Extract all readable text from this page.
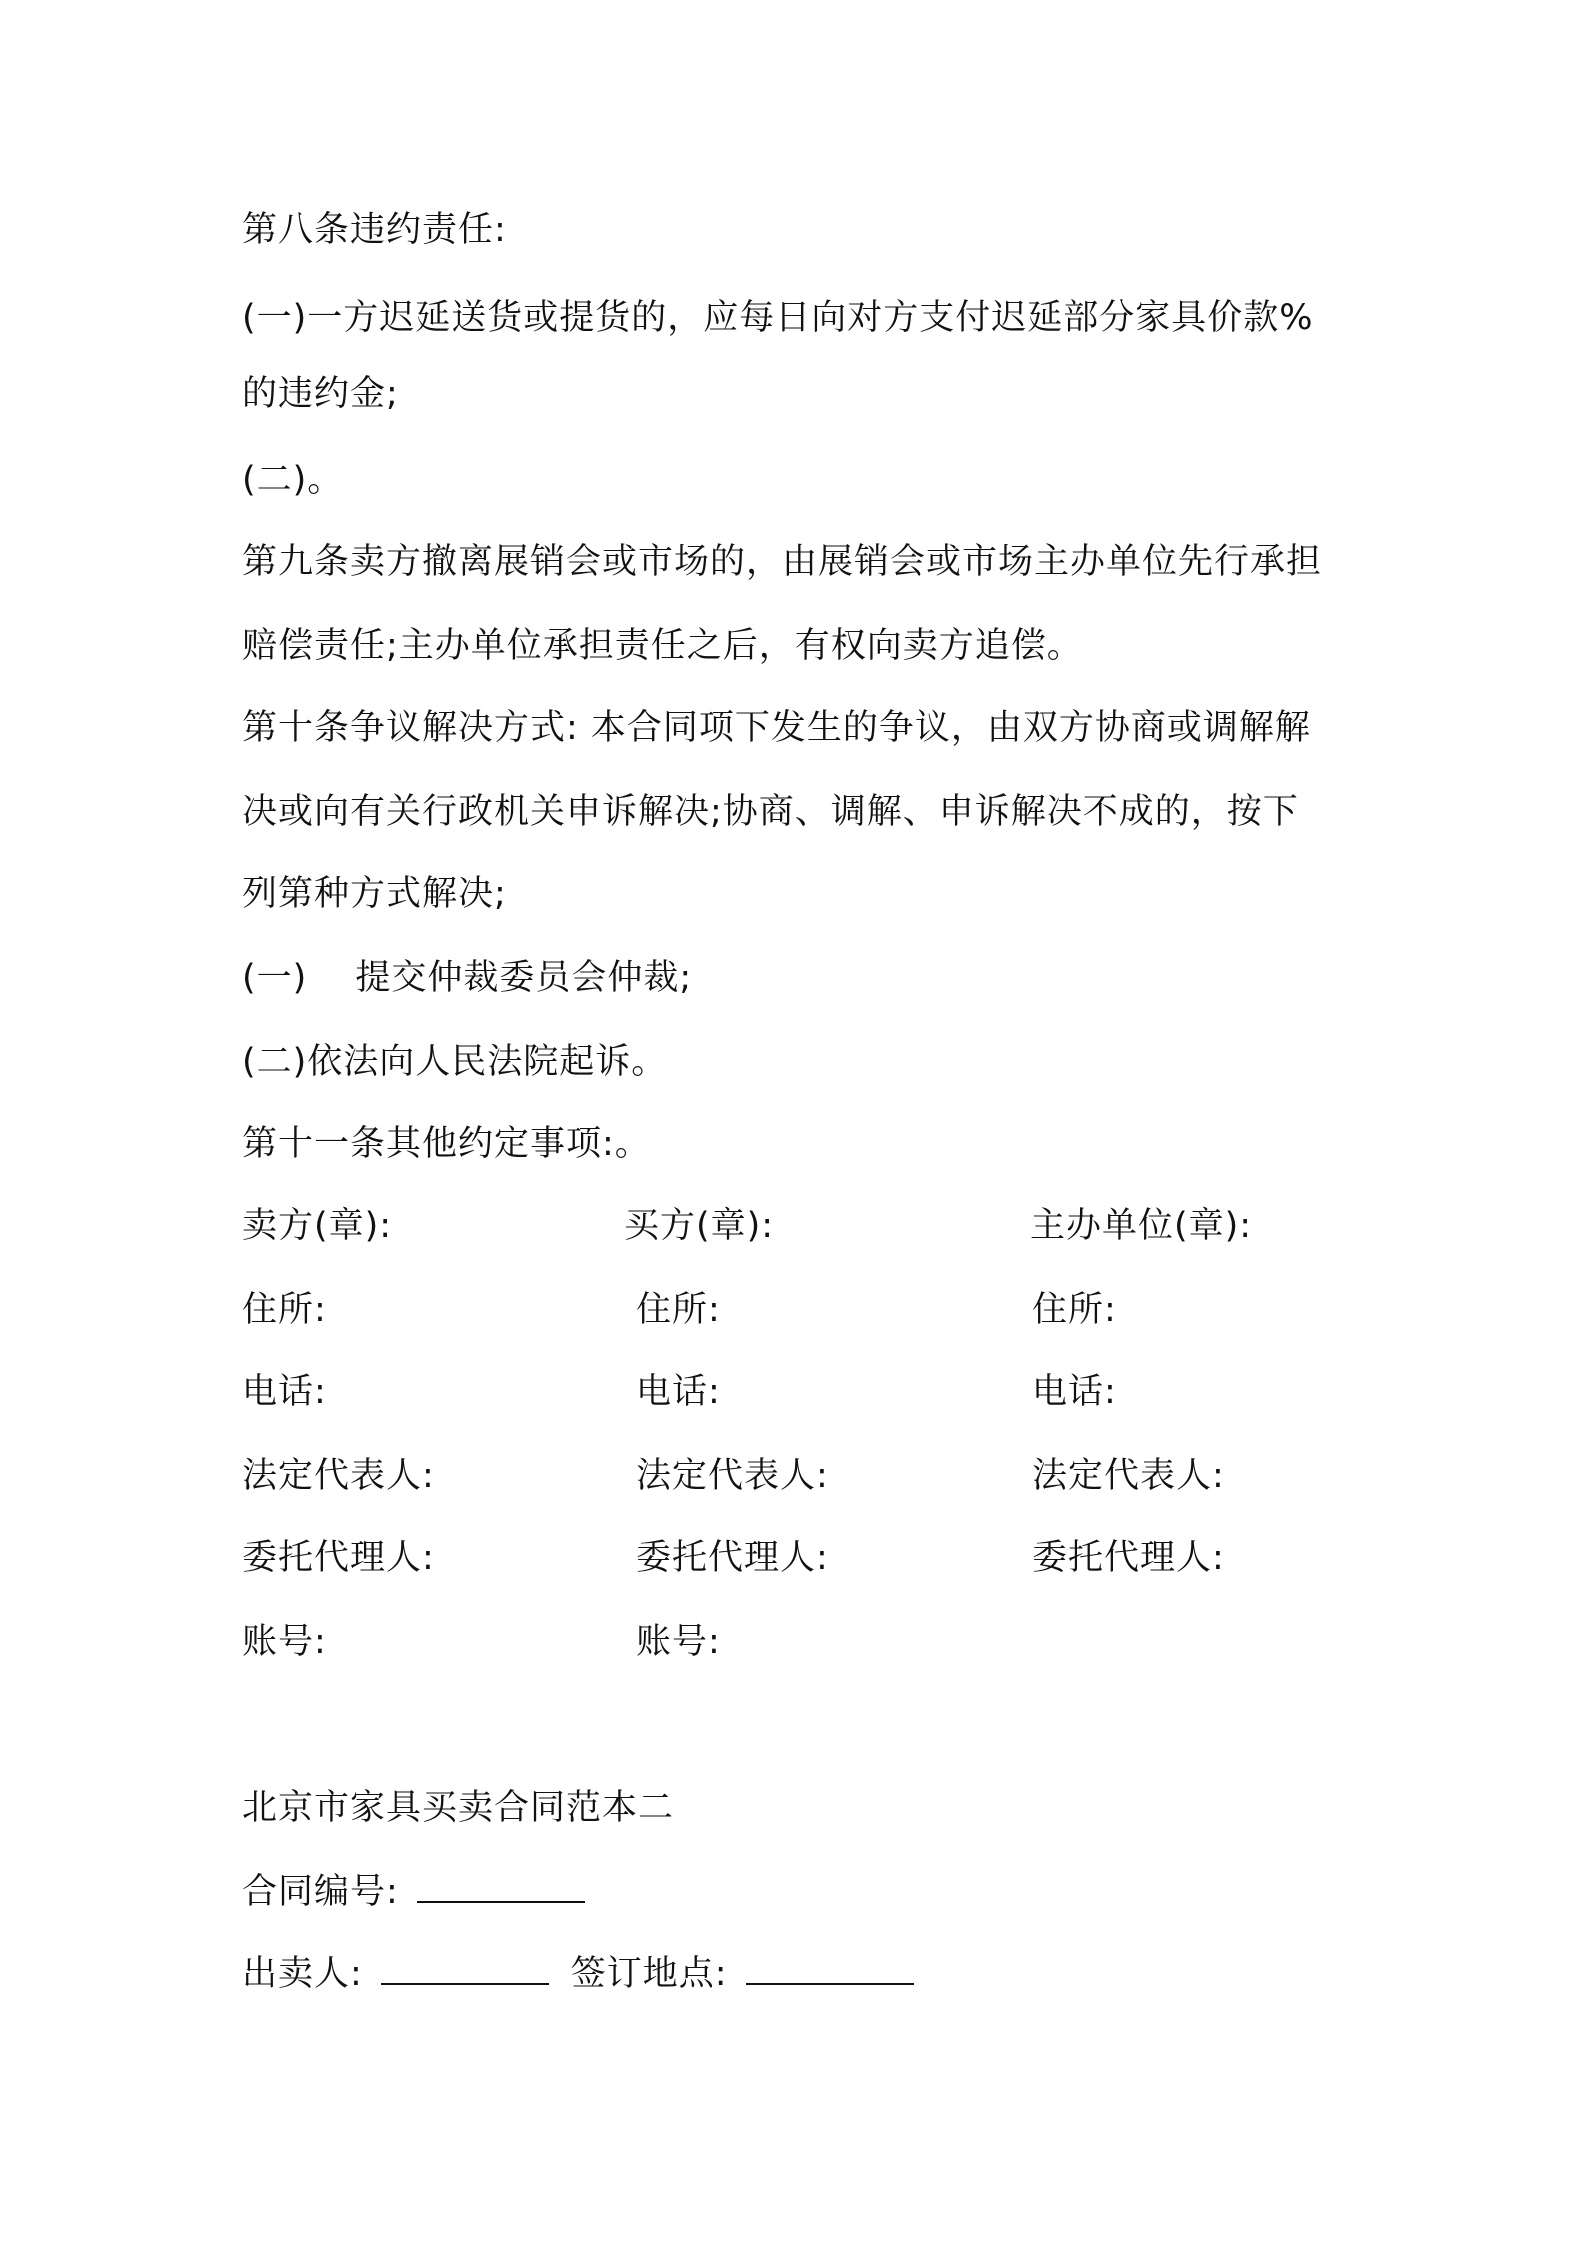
第八条违约责任:
(一)一方迟延送货或提货的，应每日向对方支付迟延部分家具价款%
的违约金;
(二)。
第九条卖方撤离展销会或市场的，由展销会或市场主办单位先行承担
赔偿责任;主办单位承担责任之后，有权向卖方追偿。
第十条争议解决方式: 本合同项下发生的争议，由双方协商或调解解
决或向有关行政机关申诉解决;协商、调解、申诉解决不成的，按下
列第种方式解决;
(一) 提交仲裁委员会仲裁;
(二)依法向人民法院起诉。
第十一条其他约定事项:。
卖方(章):	买方(章):	主办单位(章):
住所:	住所:	住所:
电话:	电话:	电话:
法定代表人:	法定代表人:	法定代表人:
委托代理人:	委托代理人:	委托代理人:
账号:	账号:
北京市家具买卖合同范本二
合同编号:
出卖人:	签订地点:
